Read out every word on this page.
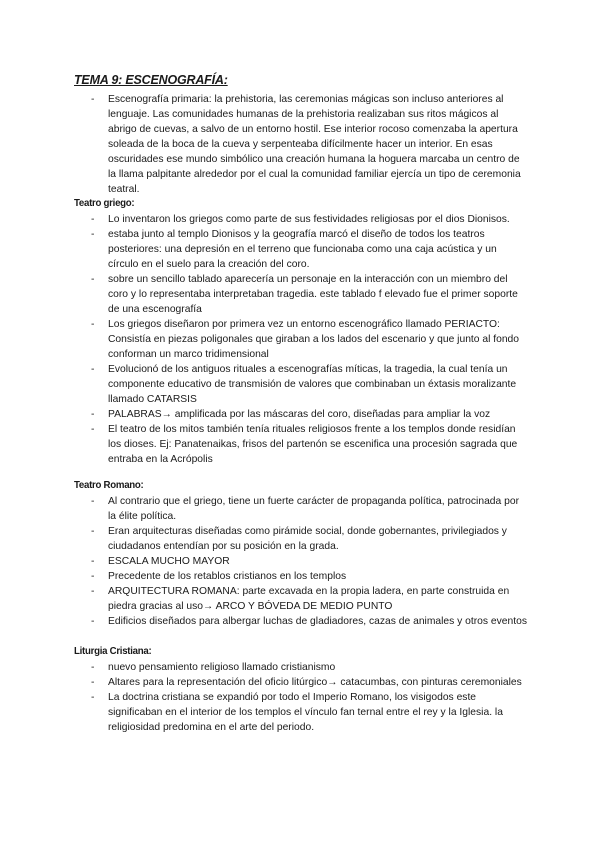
TEMA 9: ESCENOGRAFÍA:
- Escenografía primaria: la prehistoria, las ceremonias mágicas son incluso anteriores al lenguaje. Las comunidades humanas de la prehistoria realizaban sus ritos mágicos al abrigo de cuevas, a salvo de un entorno hostil. Ese interior rocoso comenzaba la apertura soleada de la boca de la cueva y serpenteaba difícilmente hacer un interior. En esas oscuridades ese mundo simbólico una creación humana la hoguera marcaba un centro de la llama palpitante alrededor por el cual la comunidad familiar ejercía un tipo de ceremonia teatral.
Teatro griego:
- Lo inventaron los griegos como parte de sus festividades religiosas por el dios Dionisos.
- estaba junto al templo Dionisos y la geografía marcó el diseño de todos los teatros posteriores: una depresión en el terreno que funcionaba como una caja acústica y un círculo en el suelo para la creación del coro.
- sobre un sencillo tablado aparecería un personaje en la interacción con un miembro del coro y lo representaba interpretaban tragedia. este tablado f elevado fue el primer soporte de una escenografía
- Los griegos diseñaron por primera vez un entorno escenográfico llamado PERIACTO: Consistía en piezas poligonales que giraban a los lados del escenario y que junto al fondo conforman un marco tridimensional
- Evolucionó de los antiguos rituales a escenografías míticas, la tragedia, la cual tenía un componente educativo de transmisión de valores que combinaban un éxtasis moralizante llamado CATARSIS
- PALABRAS→ amplificada por las máscaras del coro, diseñadas para ampliar la voz
- El teatro de los mitos también tenía rituales religiosos frente a los templos donde residían los dioses. Ej: Panatenaikas, frisos del partenón se escenifica una procesión sagrada que entraba en la Acrópolis
Teatro Romano:
- Al contrario que el griego, tiene un fuerte carácter de propaganda política, patrocinada por la élite política.
- Eran arquitecturas diseñadas como pirámide social, donde gobernantes, privilegiados y ciudadanos entendían por su posición en la grada.
- ESCALA MUCHO MAYOR
- Precedente de los retablos cristianos en los templos
- ARQUITECTURA ROMANA: parte excavada en la propia ladera, en parte construida en piedra gracias al uso→ ARCO Y BÓVEDA DE MEDIO PUNTO
- Edificios diseñados para albergar luchas de gladiadores, cazas de animales y otros eventos
Liturgia Cristiana:
- nuevo pensamiento religioso llamado cristianismo
- Altares para la representación del oficio litúrgico→ catacumbas, con pinturas ceremoniales
- La doctrina cristiana se expandió por todo el Imperio Romano, los visigodos este significaban en el interior de los templos el vínculo fan ternal entre el rey y la Iglesia. la religiosidad predomina en el arte del periodo.
